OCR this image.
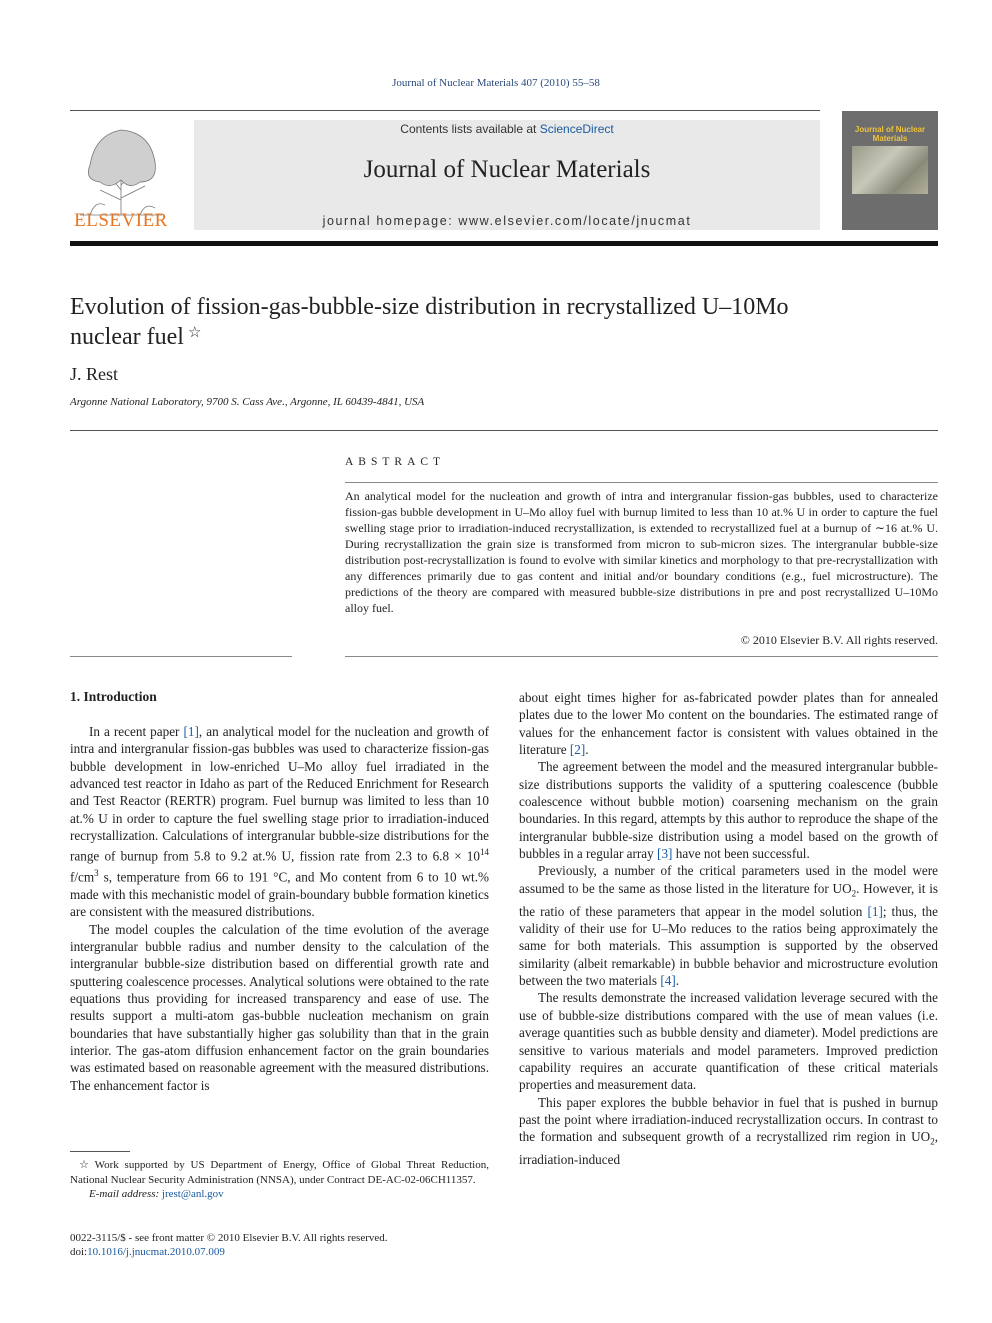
Journal of Nuclear Materials 407 (2010) 55–58
ELSEVIER
Contents lists available at ScienceDirect
Journal of Nuclear Materials
journal homepage: www.elsevier.com/locate/jnucmat
Journal of Nuclear Materials
Evolution of fission-gas-bubble-size distribution in recrystallized U–10Mo
nuclear fuel ☆
J. Rest
Argonne National Laboratory, 9700 S. Cass Ave., Argonne, IL 60439-4841, USA
ABSTRACT
An analytical model for the nucleation and growth of intra and intergranular fission-gas bubbles, used to characterize fission-gas bubble development in U–Mo alloy fuel with burnup limited to less than 10 at.% U in order to capture the fuel swelling stage prior to irradiation-induced recrystallization, is extended to recrystallized fuel at a burnup of ∼16 at.% U. During recrystallization the grain size is transformed from micron to sub-micron sizes. The intergranular bubble-size distribution post-recrystallization is found to evolve with similar kinetics and morphology to that pre-recrystallization with any differences primarily due to gas content and initial and/or boundary conditions (e.g., fuel microstructure). The predictions of the theory are compared with measured bubble-size distributions in pre and post recrystallized U–10Mo alloy fuel.
© 2010 Elsevier B.V. All rights reserved.
1. Introduction

In a recent paper [1], an analytical model for the nucleation and growth of intra and intergranular fission-gas bubbles was used to characterize fission-gas bubble development in low-enriched U–Mo alloy fuel irradiated in the advanced test reactor in Idaho as part of the Reduced Enrichment for Research and Test Reactor (RERTR) program. Fuel burnup was limited to less than 10 at.% U in order to capture the fuel swelling stage prior to irradiation-induced recrystallization. Calculations of intergranular bubble-size distributions for the range of burnup from 5.8 to 9.2 at.% U, fission rate from 2.3 to $6.8 \times 10^{14}$ $f/cm^3$ s, temperature from 66 to 191 °C, and Mo content from 6 to 10 wt.% made with this mechanistic model of grain-boundary bubble formation kinetics are consistent with the measured distributions.

The model couples the calculation of the time evolution of the average intergranular bubble radius and number density to the calculation of the intergranular bubble-size distribution based on differential growth rate and sputtering coalescence processes. Analytical solutions were obtained to the rate equations thus providing for increased transparency and ease of use. The results support a multi-atom gas-bubble nucleation mechanism on grain boundaries that have substantially higher gas solubility than that in the grain interior. The gas-atom diffusion enhancement factor on the grain boundaries was estimated based on reasonable agreement with the measured distributions. The enhancement factor is

about eight times higher for as-fabricated powder plates than for annealed plates due to the lower Mo content on the boundaries. The estimated range of values for the enhancement factor is consistent with values obtained in the literature [2].

The agreement between the model and the measured intergranular bubble-size distributions supports the validity of a sputtering coalescence (bubble coalescence without bubble motion) coarsening mechanism on the grain boundaries. In this regard, attempts by this author to reproduce the shape of the intergranular bubble-size distribution using a model based on the growth of bubbles in a regular array [3] have not been successful.

Previously, a number of the critical parameters used in the model were assumed to be the same as those listed in the literature for $UO_2$. However, it is the ratio of these parameters that appear in the model solution [1]; thus, the validity of their use for U–Mo reduces to the ratios being approximately the same for both materials. This assumption is supported by the observed similarity (albeit remarkable) in bubble behavior and microstructure evolution between the two materials [4].

The results demonstrate the increased validation leverage secured with the use of bubble-size distributions compared with the use of mean values (i.e. average quantities such as bubble density and diameter). Model predictions are sensitive to various materials and model parameters. Improved prediction capability requires an accurate quantification of these critical materials properties and measurement data.

This paper explores the bubble behavior in fuel that is pushed in burnup past the point where irradiation-induced recrystallization occurs. In contrast to the formation and subsequent growth of a recrystallized rim region in $UO_2$, irradiation-induced

☆ Work supported by US Department of Energy, Office of Global Threat Reduction, National Nuclear Security Administration (NNSA), under Contract DE-AC-02-06CH11357.
E-mail address: jrest@anl.gov
0022-3115/$ - see front matter © 2010 Elsevier B.V. All rights reserved.
doi:10.1016/j.jnucmat.2010.07.009
